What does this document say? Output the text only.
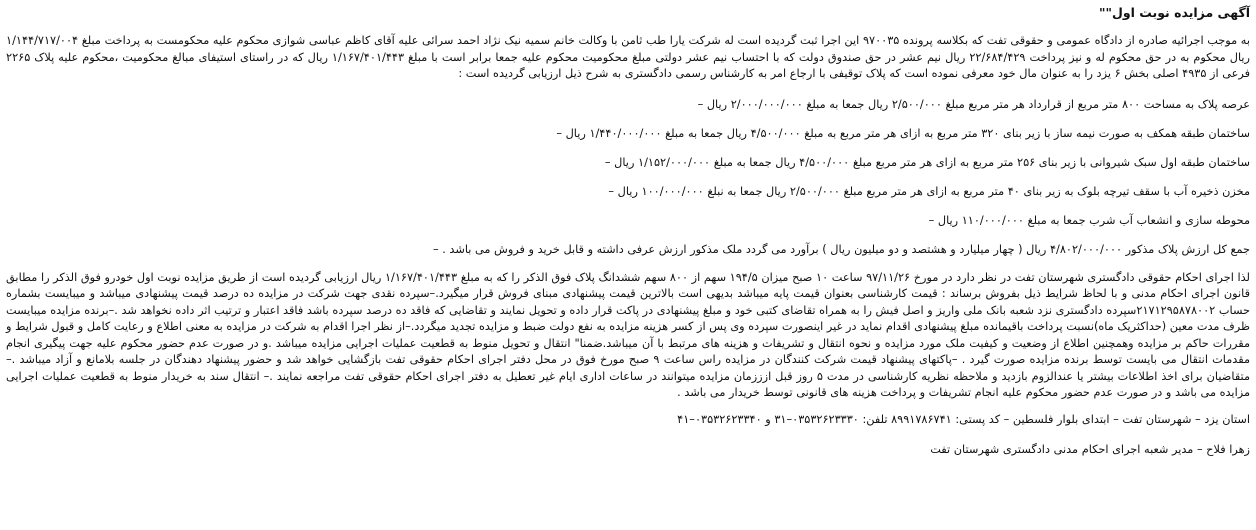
آگهی مزایده نوبت اول""

به موجب اجرائیه صادره از دادگاه عمومی و حقوقی تفت که بکلاسه پرونده ۹۷۰۰۳۵ این اجرا ثبت گردیده است له شرکت یارا طب ثامن با وکالت خانم سمیه نیک نژاد احمد سرائی علیه آقای کاظم عباسی شوازی محکوم علیه محکومست به پرداخت مبلغ ۱/۱۴۴/۷۱۷/۰۰۴ ریال محکوم به در حق محکوم له و نیز پرداخت ۲۲/۶۸۴/۴۲۹ ریال نیم عشر در حق صندوق دولت که با احتساب نیم عشر دولتی مبلغ محکومیت محکوم علیه جمعا برابر است با مبلغ ۱/۱۶۷/۴۰۱/۴۴۳ ریال که در راستای استیفای مبالغ محکومیت ،محکوم علیه پلاک ۲۲۶۵ فرعی از ۴۹۳۵ اصلی بخش ۶ یزد را به عنوان مال خود معرفی نموده است که پلاک توقیفی با ارجاع امر به کارشناس رسمی دادگستری به شرح ذیل ارزیابی گردیده است :

عرصه پلاک به مساحت ۸۰۰ متر مربع از قرارداد هر متر مربع مبلغ ۲/۵۰۰/۰۰۰ ریال جمعا به مبلغ ۲/۰۰۰/۰۰۰/۰۰۰ ریال –

ساختمان طبقه همکف به صورت نیمه ساز با زیر بنای ۳۲۰ متر مربع به ازای هر متر مربع به مبلغ ۴/۵۰۰/۰۰۰ ریال جمعا به مبلغ ۱/۴۴۰/۰۰۰/۰۰۰ ریال –

ساختمان طبقه اول سبک شیروانی با زیر بنای ۲۵۶ متر مربع به ازای هر متر مربع مبلغ ۴/۵۰۰/۰۰۰ ریال جمعا به مبلغ ۱/۱۵۲/۰۰۰/۰۰۰ ریال –

مخزن ذخیره آب با سقف تیرچه بلوک به زیر بنای ۴۰ متر مربع به ازای هر متر مربع مبلغ ۲/۵۰۰/۰۰۰ ریال جمعا به نبلغ ۱۰۰/۰۰۰/۰۰۰ ریال –

محوطه سازی و انشعاب آب شرب جمعا به مبلغ ۱۱۰/۰۰۰/۰۰۰ ریال –

جمع کل ارزش پلاک مذکور ۴/۸۰۲/۰۰۰/۰۰۰ ریال ( چهار میلیارد و هشتصد و دو میلیون ریال ) برآورد می گردد ملک مذکور ارزش عرفی داشته و قابل خرید و فروش می باشد . –

لذا اجرای احکام حقوقی دادگستری شهرستان تفت در نظر دارد در مورخ ۹۷/۱۱/۲۶ ساعت ۱۰ صبح میزان ۱۹۴/۵ سهم از ۸۰۰ سهم ششدانگ پلاک فوق الذکر را که به مبلغ ۱/۱۶۷/۴۰۱/۴۴۳ ریال ارزیابی گردیده است از طریق مزایده نوبت اول خودرو فوق الذکر را مطابق قانون اجرای احکام مدنی و با لحاظ شرایط ذیل بفروش برساند : قیمت کارشناسی بعنوان قیمت پایه میباشد بدیهی است بالاترین قیمت پیشنهادی مبنای فروش قرار میگیرد.–سپرده نقدی جهت شرکت در مزایده ده درصد قیمت پیشنهادی میباشد و میبایست بشماره حساب ۲۱۷۱۲۹۵۸۷۸۰۰۲سپرده دادگستری نزد شعبه بانک ملی واریز و اصل فیش را به همراه تقاضای کتبی خود و مبلغ پیشنهادی در پاکت قرار داده و تحویل نمایند و تقاضایی که فاقد ده درصد سپرده باشد فاقد اعتبار و ترتیب اثر داده نخواهد شد .–برنده مزایده میبایست ظرف مدت معین (حداکثریک ماه)نسبت پرداخت باقیمانده مبلغ پیشنهادی اقدام نماید در غیر اینصورت سپرده وی پس از کسر هزینه مزایده به نفع دولت ضبط و مزایده تجدید میگردد.–از نظر اجرا اقدام به شرکت در مزایده به معنی اطلاع و رعایت کامل و قبول شرایط و مقررات حاکم بر مزایده وهمچنین اطلاع از وضعیت و کیفیت ملک مورد مزایده و نحوه انتقال و تشریفات و هزینه های مرتبط با آن میباشد.ضمنا" انتقال و تحویل منوط به قطعیت عملیات اجرایی مزایده میباشد .و در صورت عدم حضور محکوم علیه جهت پیگیری انجام مقدمات انتقال می بایست توسط برنده مزایده صورت گیرد . –پاکتهای پیشنهاد قیمت شرکت کنندگان در مزایده راس ساعت ۹ صبح مورخ فوق در محل دفتر اجرای احکام حقوقی تفت بازگشایی خواهد شد و حضور پیشنهاد دهندگان در جلسه بلامانع و آزاد میباشد .–متقاضیان برای اخذ اطلاعات بیشتر یا عندالزوم بازدید و ملاحظه نظریه کارشناسی در مدت ۵ روز قبل ازززمان مزایده میتوانند در ساعات اداری ایام غیر تعطیل به دفتر اجرای احکام حقوقی تفت مراجعه نمایند .– انتقال سند به خریدار منوط به قطعیت عملیات اجرایی مزایده می باشد و در صورت عدم حضور محکوم علیه انجام تشریفات و پرداخت هزینه های قانونی توسط خریدار می باشد .

استان یزد – شهرستان تفت – ابتدای بلوار فلسطین – کد پستی: ۸۹۹۱۷۸۶۷۴۱ تلفن: ۰۳۵۳۲۶۲۳۳۳۰–۳۱ و ۰۳۵۳۲۶۲۳۳۴۰–۴۱

زهرا فلاح – مدیر شعبه اجرای احکام مدنی دادگستری شهرستان تفت
